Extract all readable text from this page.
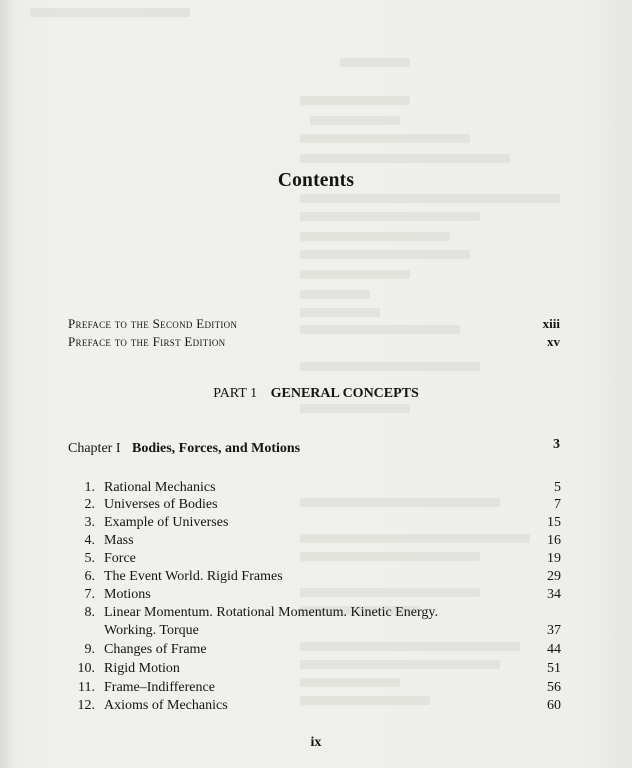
Contents
Preface to the Second Edition	xiii
Preface to the First Edition	xv
PART 1 GENERAL CONCEPTS
Chapter I Bodies, Forces, and Motions	3
1. Rational Mechanics	5
2. Universes of Bodies	7
3. Example of Universes	15
4. Mass	16
5. Force	19
6. The Event World. Rigid Frames	29
7. Motions	34
8. Linear Momentum. Rotational Momentum. Kinetic Energy.
Working. Torque	37
9. Changes of Frame	44
10. Rigid Motion	51
11. Frame–Indifference	56
12. Axioms of Mechanics	60
ix
